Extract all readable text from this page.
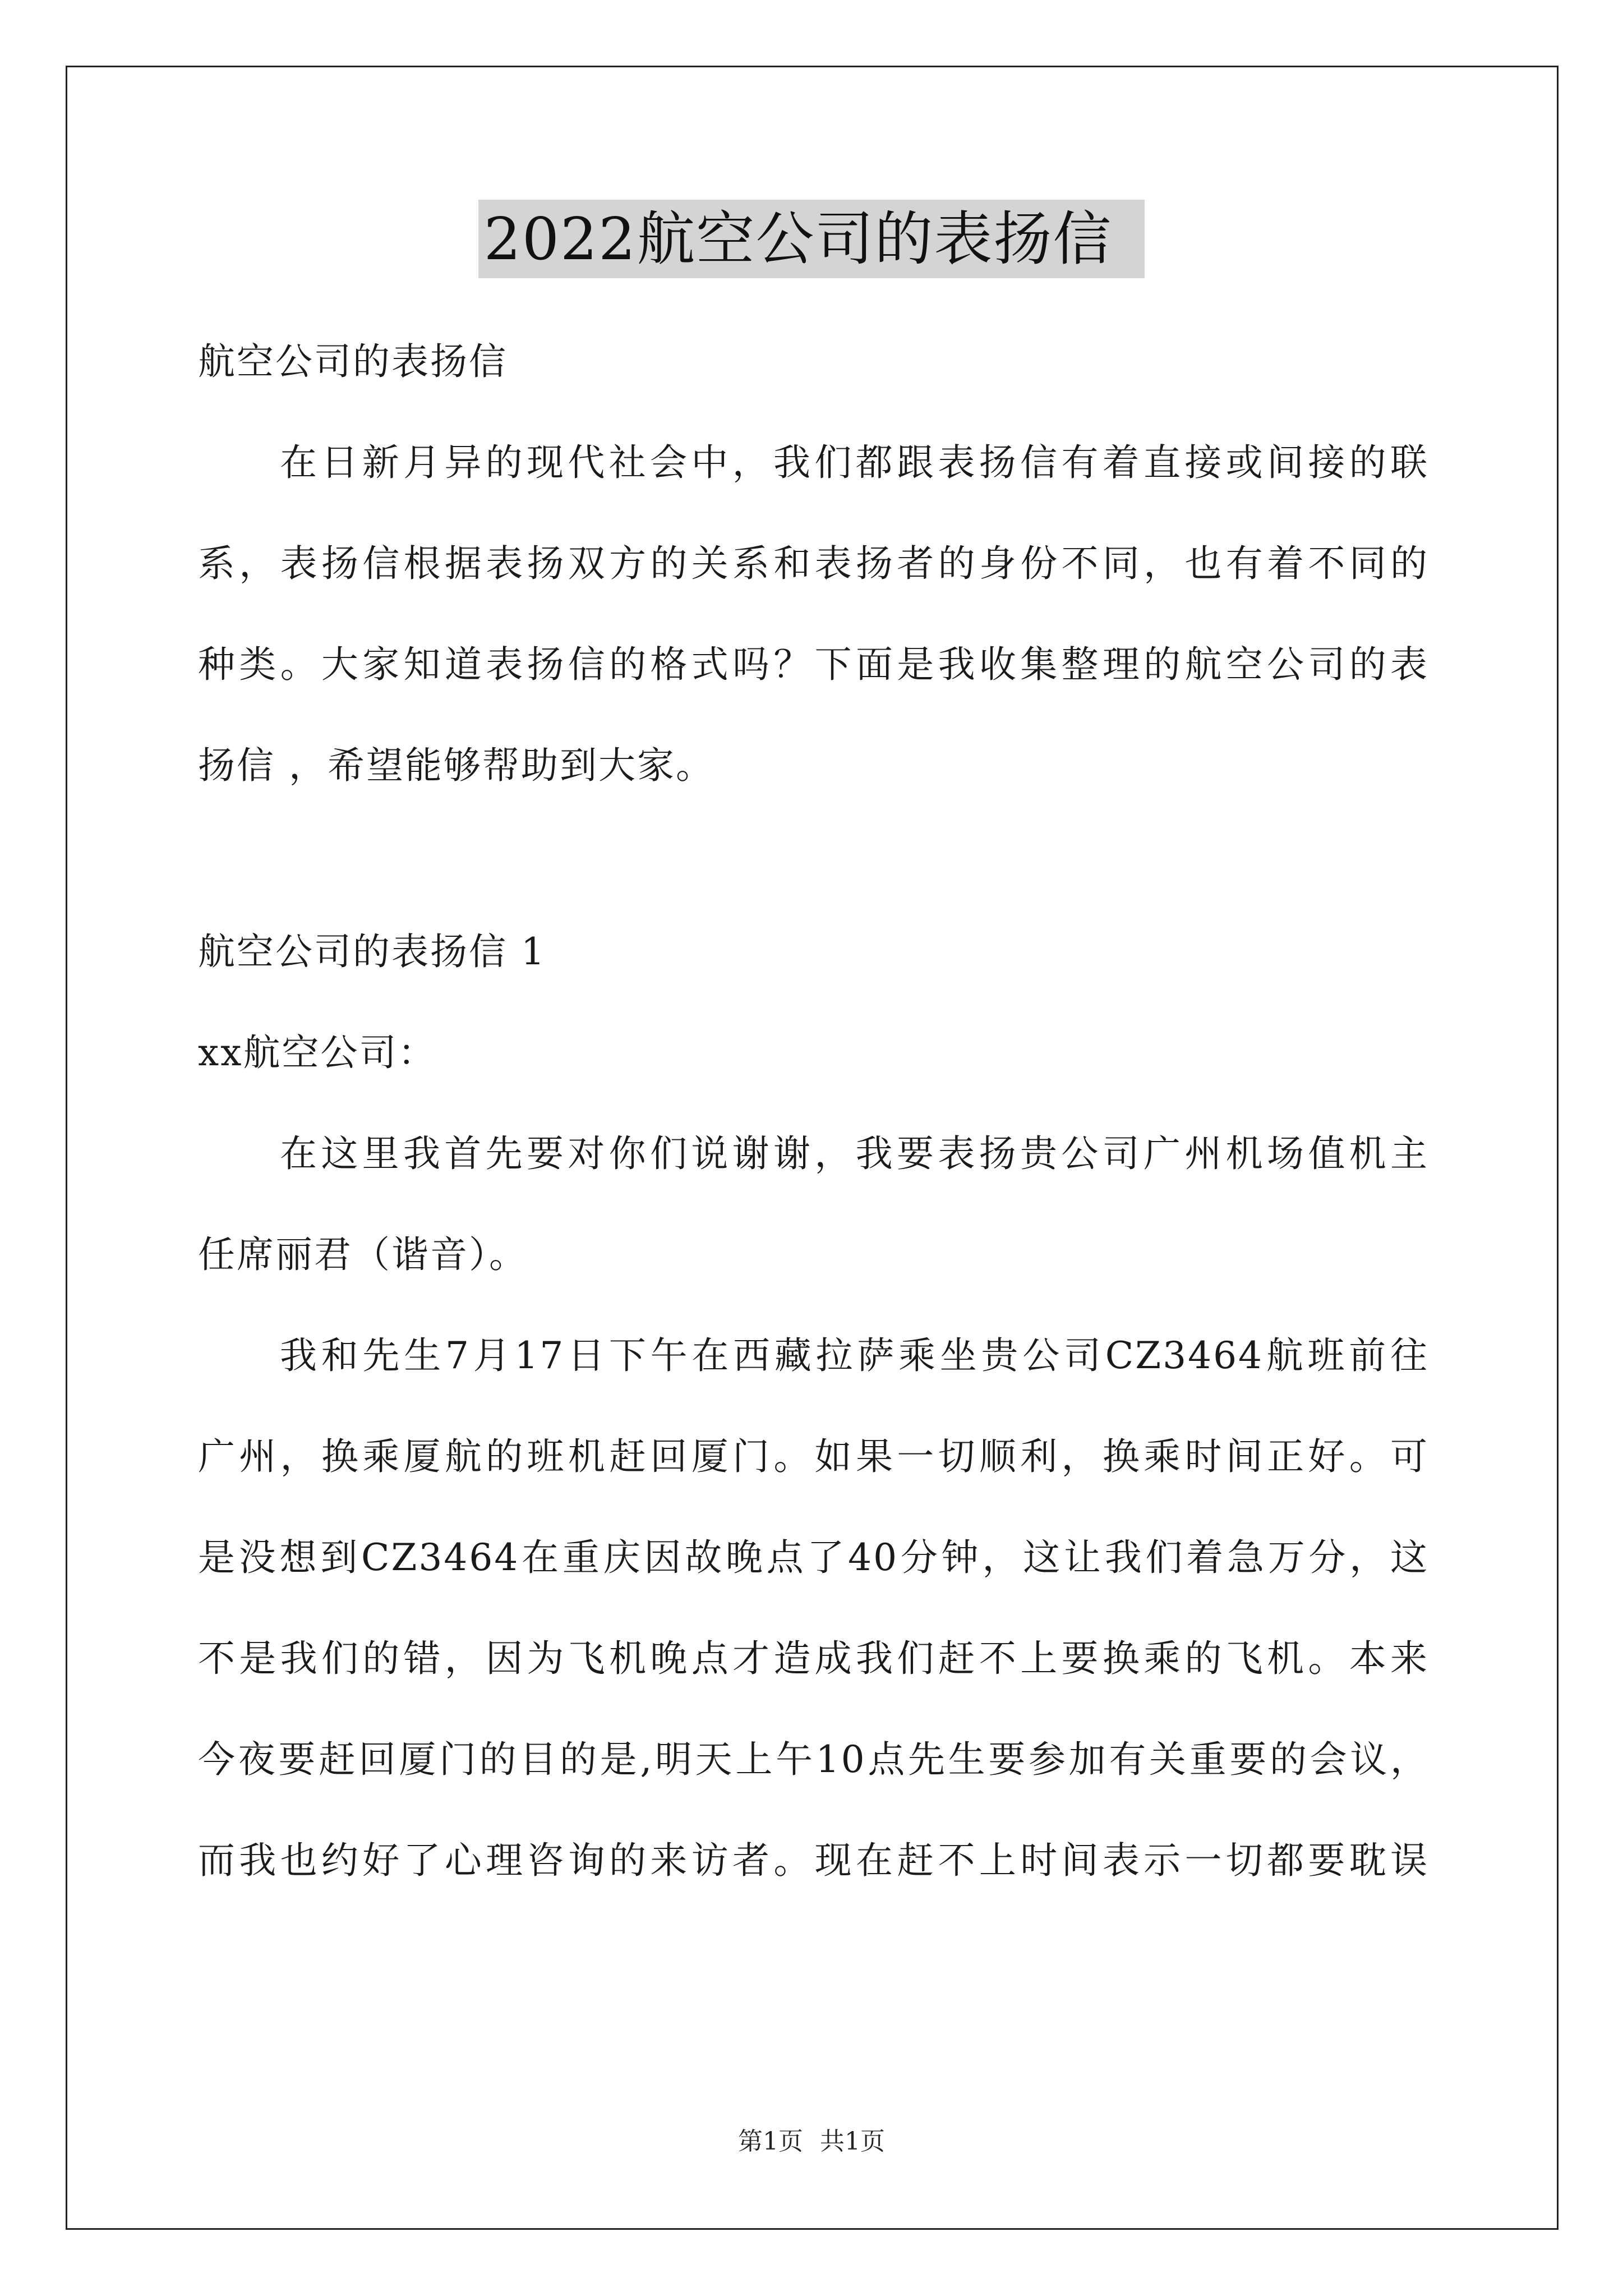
2022航空公司的表扬信
航空公司的表扬信
在日新月异的现代社会中，我们都跟表扬信有着直接或间接的联
系，表扬信根据表扬双方的关系和表扬者的身份不同，也有着不同的
种类。大家知道表扬信的格式吗？下面是我收集整理的航空公司的表
扬信 ，希望能够帮助到大家。
航空公司的表扬信 1
xx航空公司：
在这里我首先要对你们说谢谢，我要表扬贵公司广州机场值机主
任席丽君（谐音）。
我和先生7月17日下午在西藏拉萨乘坐贵公司CZ3464航班前往
广州，换乘厦航的班机赶回厦门。如果一切顺利，换乘时间正好。可
是没想到CZ3464在重庆因故晚点了40分钟，这让我们着急万分，这
不是我们的错，因为飞机晚点才造成我们赶不上要换乘的飞机。本来
今夜要赶回厦门的目的是,明天上午10点先生要参加有关重要的会议，
而我也约好了心理咨询的来访者。现在赶不上时间表示一切都要耽误
第1页 共1页
